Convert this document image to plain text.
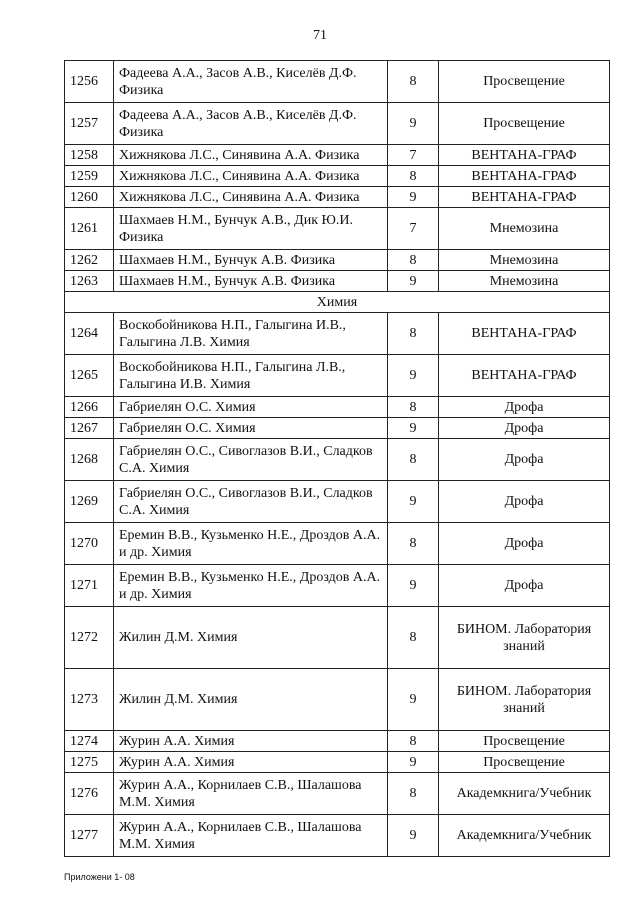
71
1256	Фадеева А.А., Засов А.В., Киселёв Д.Ф. Физика	8	Просвещение
1257	Фадеева А.А., Засов А.В., Киселёв Д.Ф. Физика	9	Просвещение
1258	Хижнякова Л.С., Синявина А.А. Физика	7	ВЕНТАНА-ГРАФ
1259	Хижнякова Л.С., Синявина А.А. Физика	8	ВЕНТАНА-ГРАФ
1260	Хижнякова Л.С., Синявина А.А. Физика	9	ВЕНТАНА-ГРАФ
1261	Шахмаев Н.М., Бунчук А.В., Дик Ю.И. Физика	7	Мнемозина
1262	Шахмаев Н.М., Бунчук А.В. Физика	8	Мнемозина
1263	Шахмаев Н.М., Бунчук А.В. Физика	9	Мнемозина
Химия			
1264	Воскобойникова Н.П., Галыгина И.В., Галыгина Л.В. Химия	8	ВЕНТАНА-ГРАФ
1265	Воскобойникова Н.П., Галыгина Л.В., Галыгина И.В. Химия	9	ВЕНТАНА-ГРАФ
1266	Габриелян О.С. Химия	8	Дрофа
1267	Габриелян О.С. Химия	9	Дрофа
1268	Габриелян О.С., Сивоглазов В.И., Сладков С.А. Химия	8	Дрофа
1269	Габриелян О.С., Сивоглазов В.И., Сладков С.А. Химия	9	Дрофа
1270	Еремин В.В., Кузьменко Н.Е., Дроздов А.А. и др. Химия	8	Дрофа
1271	Еремин В.В., Кузьменко Н.Е., Дроздов А.А. и др. Химия	9	Дрофа
1272	Жилин Д.М. Химия	8	БИНОМ. Лаборатория знаний
1273	Жилин Д.М. Химия	9	БИНОМ. Лаборатория знаний
1274	Журин А.А. Химия	8	Просвещение
1275	Журин А.А. Химия	9	Просвещение
1276	Журин А.А., Корнилаев С.В., Шалашова М.М. Химия	8	Академкнига/Учебник
1277	Журин А.А., Корнилаев С.В., Шалашова М.М. Химия	9	Академкнига/Учебник
Приложени 1- 08
